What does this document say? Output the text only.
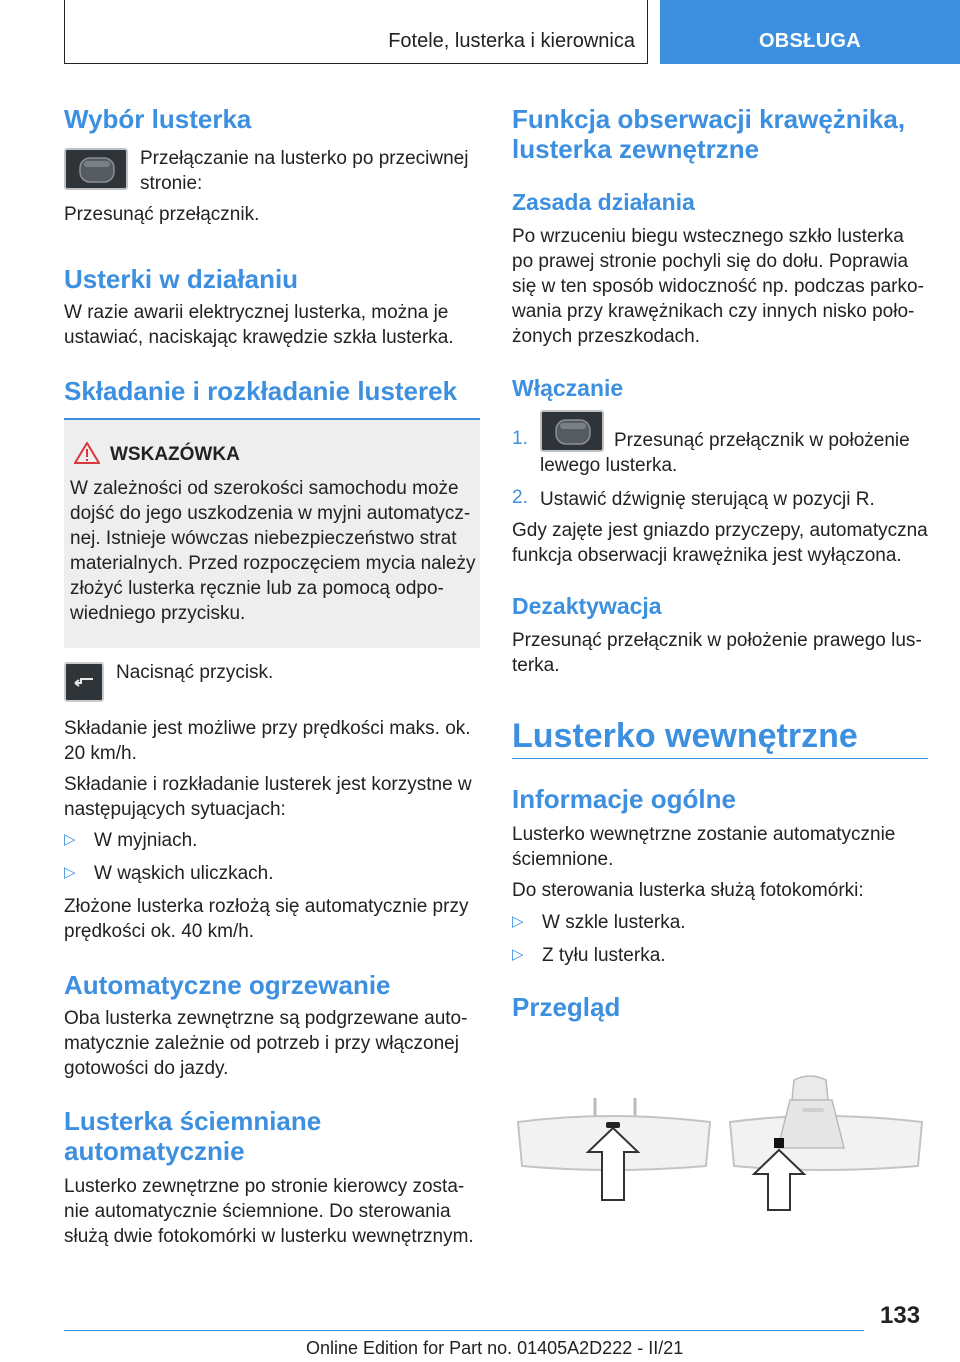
Fotele, lusterka i kierownica	OBSŁUGA
Wybór lusterka

Przełączanie na lusterko po przeciwnej stronie:

Przesunąć przełącznik.

Usterki w działaniu

W razie awarii elektrycznej lusterka, można je ustawiać, naciskając krawędzie szkła lusterka.

Składanie i rozkładanie lusterek
WSKAZÓWKA

W zależności od szerokości samochodu może dojść do jego uszkodzenia w myjni automatycznej. Istnieje wówczas niebezpieczeństwo strat materialnych. Przed rozpoczęciem mycia należy złożyć lusterka ręcznie lub za pomocą odpowiedniego przycisku.

Nacisnąć przycisk.

Składanie jest możliwe przy prędkości maks. ok. 20 km/h.

Składanie i rozkładanie lusterek jest korzystne w następujących sytuacjach:

▷ W myjniach.

▷ W wąskich uliczkach.

Złożone lusterka rozłożą się automatycznie przy prędkości ok. 40 km/h.

Automatyczne ogrzewanie

Oba lusterka zewnętrzne są podgrzewane automatycznie zależnie od potrzeb i przy włączonej gotowości do jazdy.

Lusterka ściemniane automatycznie

Lusterko zewnętrzne po stronie kierowcy zostanie automatycznie ściemnione. Do sterowania służą dwie fotokomórki w lusterku wewnętrznym.

Funkcja obserwacji krawężnika, lusterka zewnętrzne
Zasada działania

Po wrzuceniu biegu wstecznego szkło lusterka po prawej stronie pochyli się do dołu. Poprawia się w ten sposób widoczność np. podczas parkowania przy krawężnikach czy innych nisko położonych przeszkodach.

Włączanie
1.	Przesunąć przełącznik w położenie lewego lusterka.

2. Ustawić dźwignię sterującą w pozycji R.

Gdy zajęte jest gniazdo przyczepy, automatyczna funkcja obserwacji krawężnika jest wyłączona.

Dezaktywacja

Przesunąć przełącznik w położenie prawego lusterka.

Lusterko wewnętrzne
Informacje ogólne

Lusterko wewnętrzne zostanie automatycznie ściemnione.

Do sterowania lusterka służą fotokomórki:

▷ W szkle lusterka.

▷ Z tyłu lusterka.

Przegląd
133
Online Edition for Part no. 01405A2D222 - II/21
